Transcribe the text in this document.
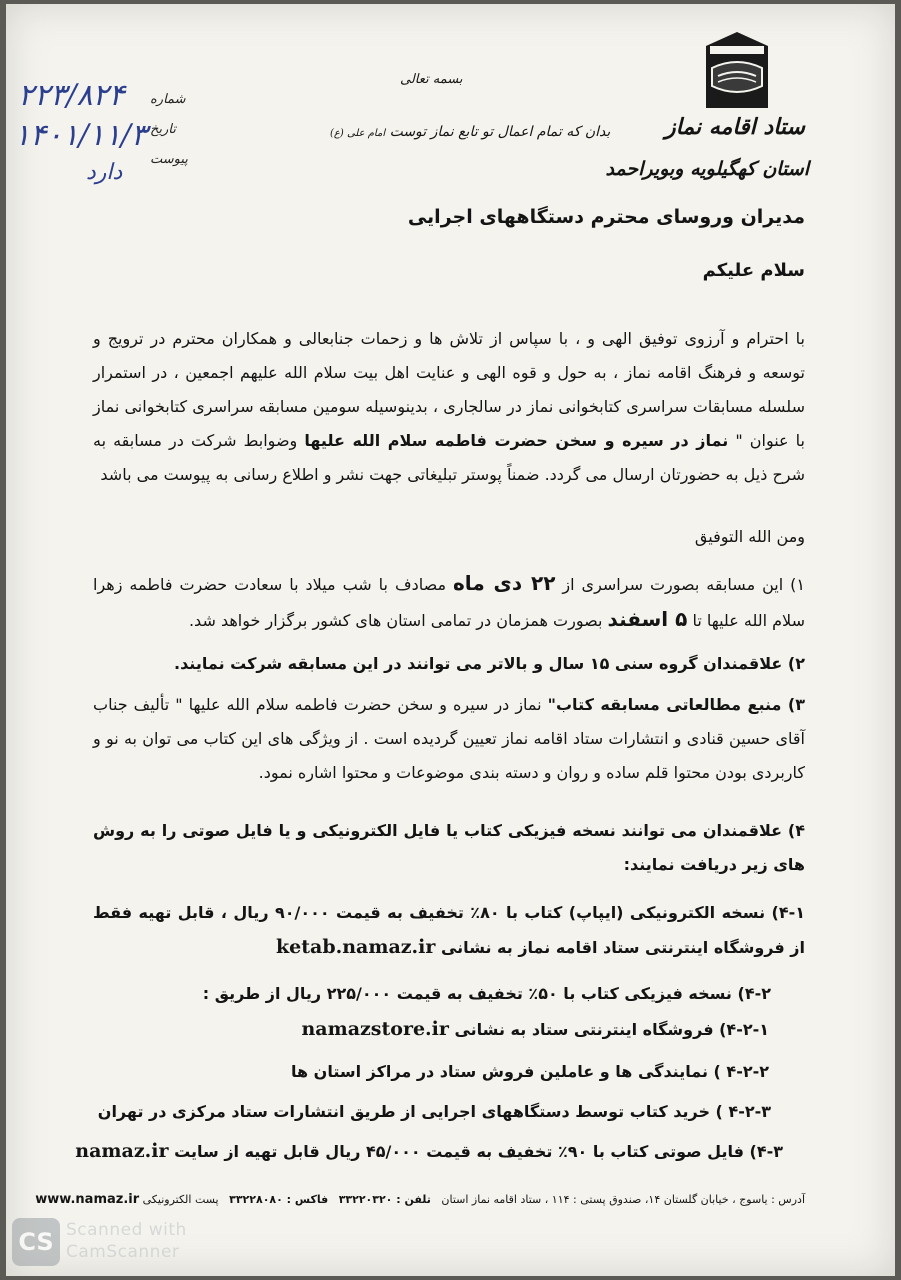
ستاد اقامه نماز
استان کهگیلویه وبویراحمد
بسمه تعالی
بدان که تمام اعمال تو تابع نماز توست امام علی (ع)
شماره
تاریخ
پیوست
۲۲۳/۸۲۴
۱۴۰۱/۱۱/۳
دارد
مدیران وروسای محترم دستگاههای اجرایی
سلام علیکم

با احترام و آرزوی توفیق الهی و ، با سپاس از تلاش ها و زحمات جنابعالی و همکاران محترم در ترویج و توسعه و فرهنگ اقامه نماز ، به حول و قوه الهی و عنایت اهل بیت سلام الله علیهم اجمعین ، در استمرار سلسله مسابقات سراسری کتابخوانی نماز در سالجاری ، بدینوسیله سومین مسابقه سراسری کتابخوانی نماز با عنوان " نماز در سیره و سخن حضرت فاطمه سلام الله علیها وضوابط شرکت در مسابقه به شرح ذیل به حضورتان ارسال می گردد. ضمناً پوستر تبلیغاتی جهت نشر و اطلاع رسانی به پیوست می باشد

ومن الله التوفیق

۱) این مسابقه بصورت سراسری از ۲۲ دی ماه مصادف با شب میلاد با سعادت حضرت فاطمه زهرا سلام الله علیها تا ۵ اسفند بصورت همزمان در تمامی استان های کشور برگزار خواهد شد.

۲) علاقمندان گروه سنی ۱۵ سال و بالاتر می توانند در این مسابقه شرکت نمایند.

۳) منبع مطالعاتی مسابقه کتاب" نماز در سیره و سخن حضرت فاطمه سلام الله علیها " تألیف جناب آقای حسین قنادی و انتشارات ستاد اقامه نماز تعیین گردیده است . از ویژگی های این کتاب می توان به نو و کاربردی بودن محتوا قلم ساده و روان و دسته بندی موضوعات و محتوا اشاره نمود.

۴) علاقمندان می توانند نسخه فیزیکی کتاب یا فایل الکترونیکی و یا فایل صوتی را به روش های زیر دریافت نمایند:

۴-۱) نسخه الکترونیکی (ایپاپ) کتاب با ۸۰٪ تخفیف به قیمت ۹۰/۰۰۰ ریال ، قابل تهیه فقط از فروشگاه اینترنتی ستاد اقامه نماز به نشانی ketab.namaz.ir

۴-۲) نسخه فیزیکی کتاب با ۵۰٪ تخفیف به قیمت ۲۲۵/۰۰۰ ریال از طریق :
۴-۲-۱) فروشگاه اینترنتی ستاد به نشانی namazstore.ir
۴-۲-۲ ) نمایندگی ها و عاملین فروش ستاد در مراکز استان ها
۴-۲-۳ ) خرید کتاب توسط دستگاههای اجرایی از طریق انتشارات ستاد مرکزی در تهران
۴-۳) فایل صوتی کتاب با ۹۰٪ تخفیف به قیمت ۴۵/۰۰۰ ریال قابل تهیه از سایت namaz.ir
آدرس : یاسوج ، خیابان گلستان ۱۴، صندوق پستی : ۱۱۴ ، ستاد اقامه نماز استان   تلفن : ۳۳۲۲۰۳۲۰   فاکس : ۳۳۲۲۸۰۸۰   پست الکترونیکی www.namaz.ir
CS Scanned with
CamScanner
